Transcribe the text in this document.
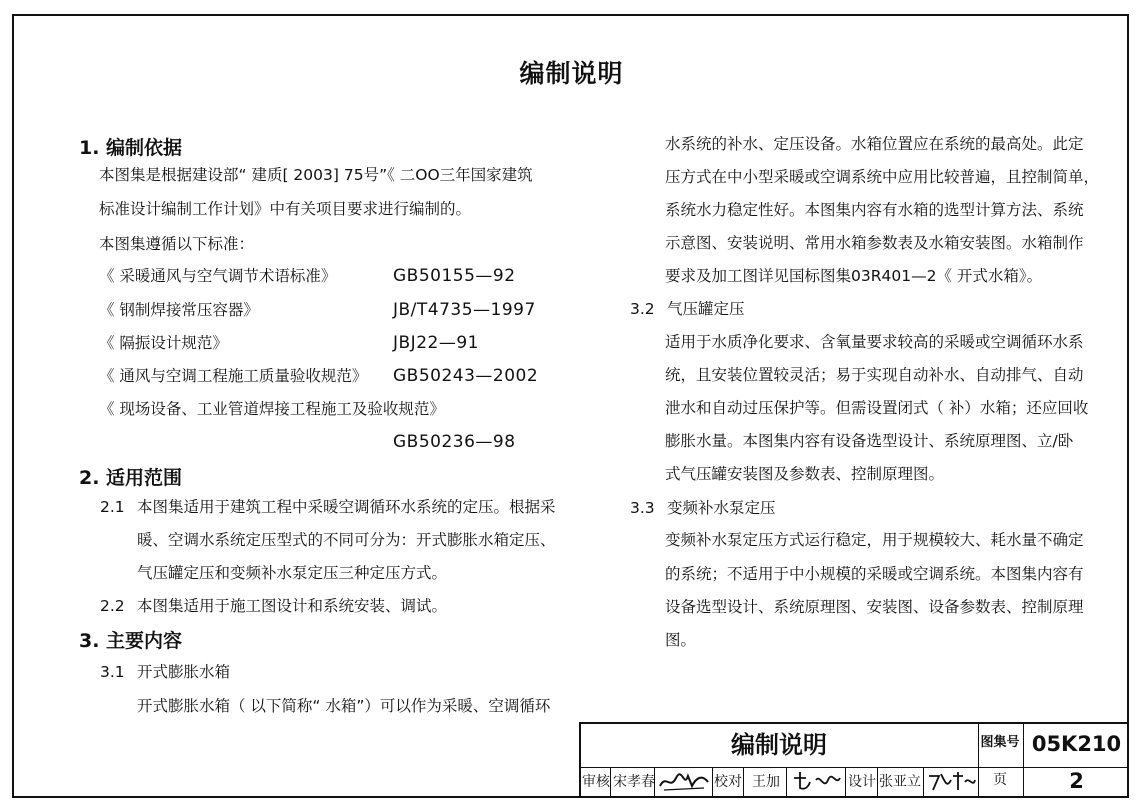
编制说明
1. 编制依据
本图集是根据建设部“ 建质[ 2003] 75号”《 二OO三年国家建筑
标准设计编制工作计划》中有关项目要求进行编制的。
本图集遵循以下标准：
《 采暖通风与空气调节术语标准》	GB50155—92
《 钢制焊接常压容器》	JB/T4735—1997
《 隔振设计规范》	JBJ22—91
《 通风与空调工程施工质量验收规范》 GB50243—2002
《 现场设备、工业管道焊接工程施工及验收规范》
GB50236—98
2. 适用范围
2.1 本图集适用于建筑工程中采暖空调循环水系统的定压。根据采
暖、空调水系统定压型式的不同可分为：开式膨胀水箱定压、
气压罐定压和变频补水泵定压三种定压方式。
2.2 本图集适用于施工图设计和系统安装、调试。
3. 主要内容
3.1 开式膨胀水箱
开式膨胀水箱（ 以下简称“ 水箱”）可以作为采暖、空调循环
水系统的补水、定压设备。水箱位置应在系统的最高处。此定
压方式在中小型采暖或空调系统中应用比较普遍，且控制简单，
系统水力稳定性好。本图集内容有水箱的选型计算方法、系统
示意图、安装说明、常用水箱参数表及水箱安装图。水箱制作
要求及加工图详见国标图集03R401—2《 开式水箱》。
3.2 气压罐定压
适用于水质净化要求、含氧量要求较高的采暖或空调循环水系
统，且安装位置较灵活；易于实现自动补水、自动排气、自动
泄水和自动过压保护等。但需设置闭式（ 补）水箱；还应回收
膨胀水量。本图集内容有设备选型设计、系统原理图、立/卧
式气压罐安装图及参数表、控制原理图。
3.3 变频补水泵定压
变频补水泵定压方式运行稳定，用于规模较大、耗水量不确定
的系统；不适用于中小规模的采暖或空调系统。本图集内容有
设备选型设计、系统原理图、安装图、设备参数表、控制原理
图。
编制说明	图集号 05K210
审核 宋孝春	校对 王加	设计 张亚立	页	2
